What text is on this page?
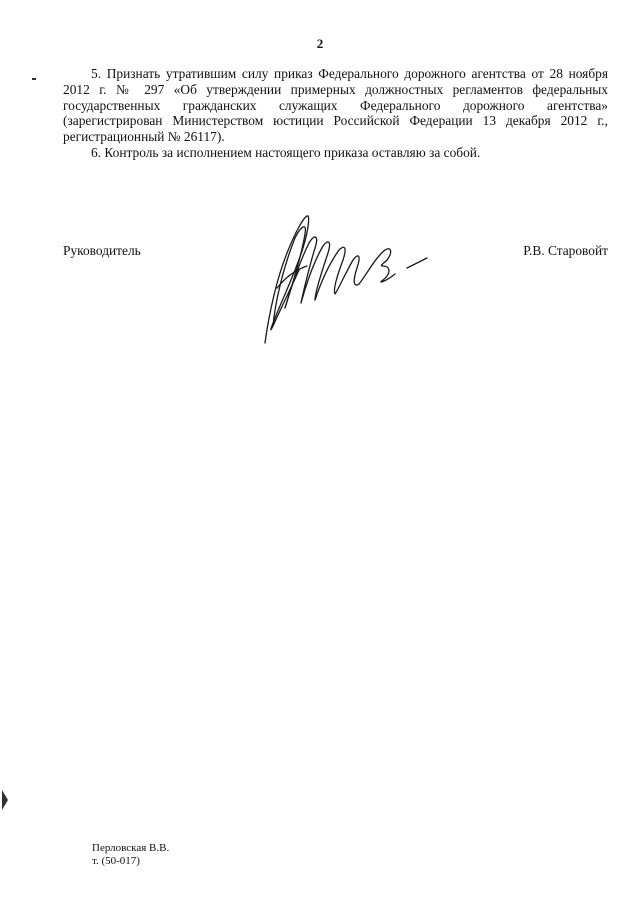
2

5. Признать утратившим силу приказ Федерального дорожного агентства от 28 ноября 2012 г. № 297 «Об утверждении примерных должностных регламентов федеральных государственных гражданских служащих Федерального дорожного агентства» (зарегистрирован Министерством юстиции Российской Федерации 13 декабря 2012 г., регистрационный № 26117).

6. Контроль за исполнением настоящего приказа оставляю за собой.

Руководитель	Р.В. Старовойт
Перловская В.В.
т. (50-017)
